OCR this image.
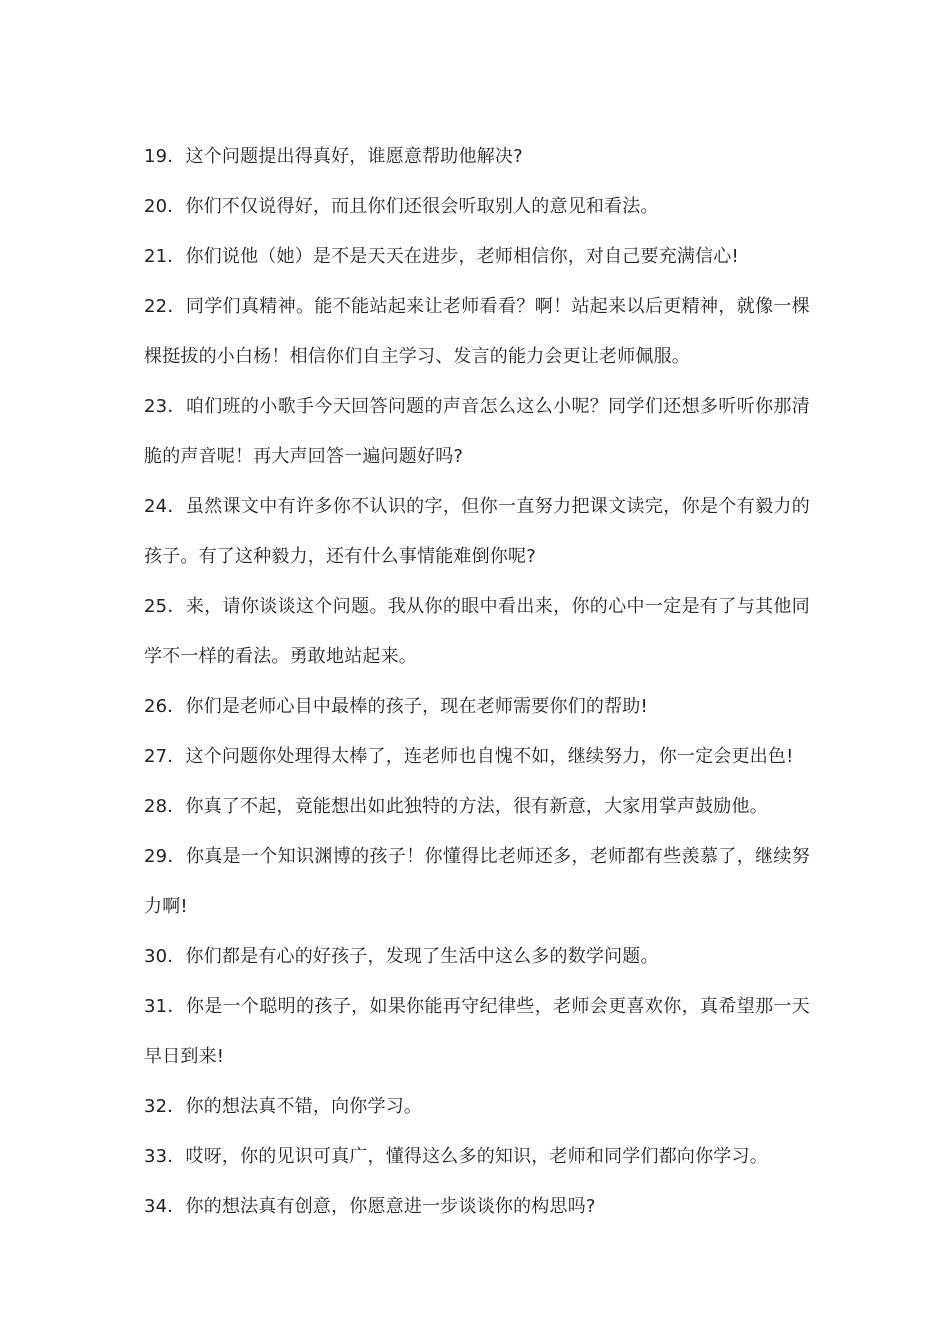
19．这个问题提出得真好，谁愿意帮助他解决?

20．你们不仅说得好，而且你们还很会听取别人的意见和看法。

21．你们说他（她）是不是天天在进步，老师相信你，对自己要充满信心!

22．同学们真精神。能不能站起来让老师看看？啊！站起来以后更精神，就像一棵棵挺拔的小白杨！相信你们自主学习、发言的能力会更让老师佩服。

23．咱们班的小歌手今天回答问题的声音怎么这么小呢？同学们还想多听听你那清脆的声音呢！再大声回答一遍问题好吗?

24．虽然课文中有许多你不认识的字，但你一直努力把课文读完，你是个有毅力的孩子。有了这种毅力，还有什么事情能难倒你呢?

25．来，请你谈谈这个问题。我从你的眼中看出来，你的心中一定是有了与其他同学不一样的看法。勇敢地站起来。

26．你们是老师心目中最棒的孩子，现在老师需要你们的帮助!

27．这个问题你处理得太棒了，连老师也自愧不如，继续努力，你一定会更出色!

28．你真了不起，竟能想出如此独特的方法，很有新意，大家用掌声鼓励他。

29．你真是一个知识渊博的孩子！你懂得比老师还多，老师都有些羡慕了，继续努力啊!

30．你们都是有心的好孩子，发现了生活中这么多的数学问题。

31．你是一个聪明的孩子，如果你能再守纪律些，老师会更喜欢你，真希望那一天早日到来!

32．你的想法真不错，向你学习。

33．哎呀，你的见识可真广，懂得这么多的知识，老师和同学们都向你学习。

34．你的想法真有创意，你愿意进一步谈谈你的构思吗?
